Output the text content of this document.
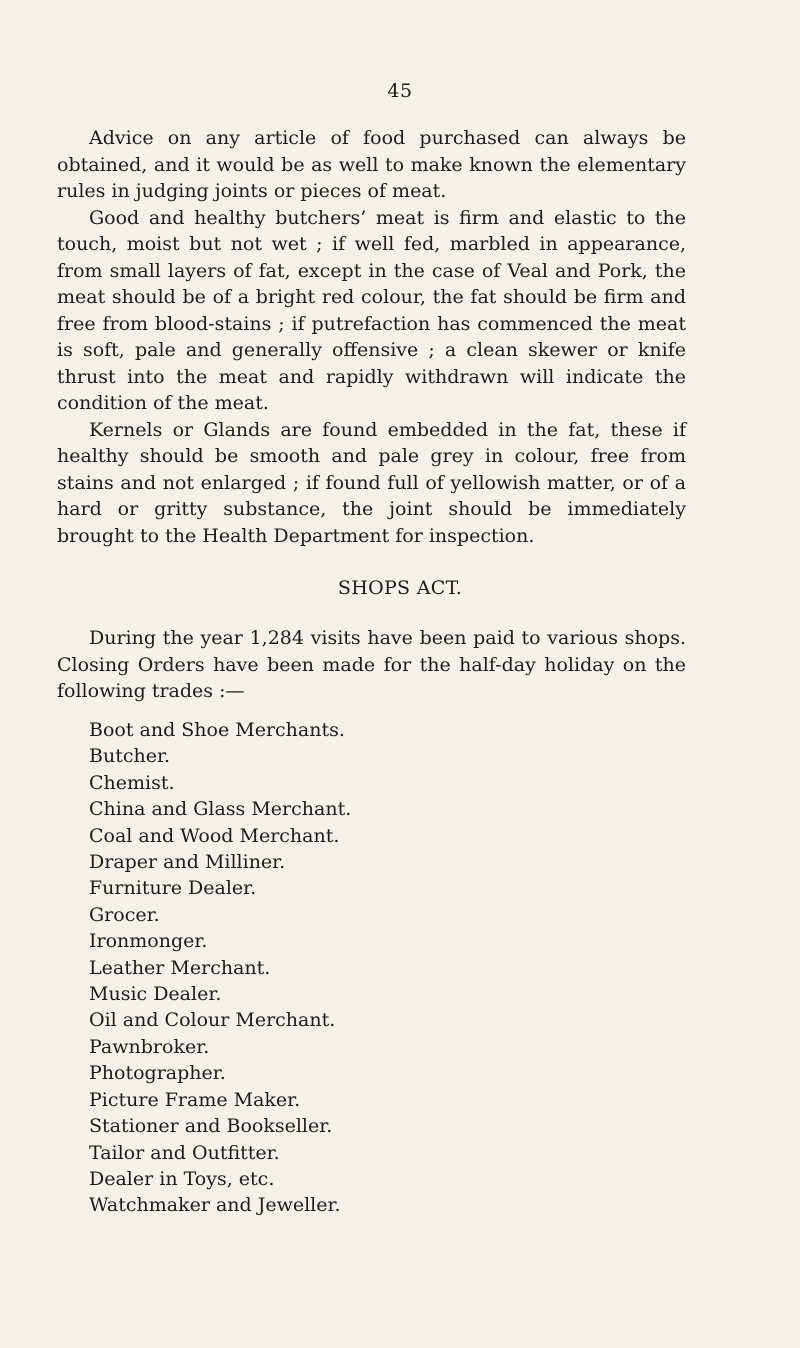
45

Advice on any article of food purchased can always be obtained, and it would be as well to make known the elementary rules in judging joints or pieces of meat.

Good and healthy butchers’ meat is firm and elastic to the touch, moist but not wet ; if well fed, marbled in appearance, from small layers of fat, except in the case of Veal and Pork, the meat should be of a bright red colour, the fat should be firm and free from blood-stains ; if putrefaction has commenced the meat is soft, pale and generally offensive ; a clean skewer or knife thrust into the meat and rapidly withdrawn will indicate the condition of the meat.

Kernels or Glands are found embedded in the fat, these if healthy should be smooth and pale grey in colour, free from stains and not enlarged ; if found full of yellowish matter, or of a hard or gritty substance, the joint should be immediately brought to the Health Department for inspection.

SHOPS ACT.

During the year 1,284 visits have been paid to various shops. Closing Orders have been made for the half-day holiday on the following trades :—

Boot and Shoe Merchants.
Butcher.
Chemist.
China and Glass Merchant.
Coal and Wood Merchant.
Draper and Milliner.
Furniture Dealer.
Grocer.
Ironmonger.
Leather Merchant.
Music Dealer.
Oil and Colour Merchant.
Pawnbroker.
Photographer.
Picture Frame Maker.
Stationer and Bookseller.
Tailor and Outfitter.
Dealer in Toys, etc.
Watchmaker and Jeweller.
